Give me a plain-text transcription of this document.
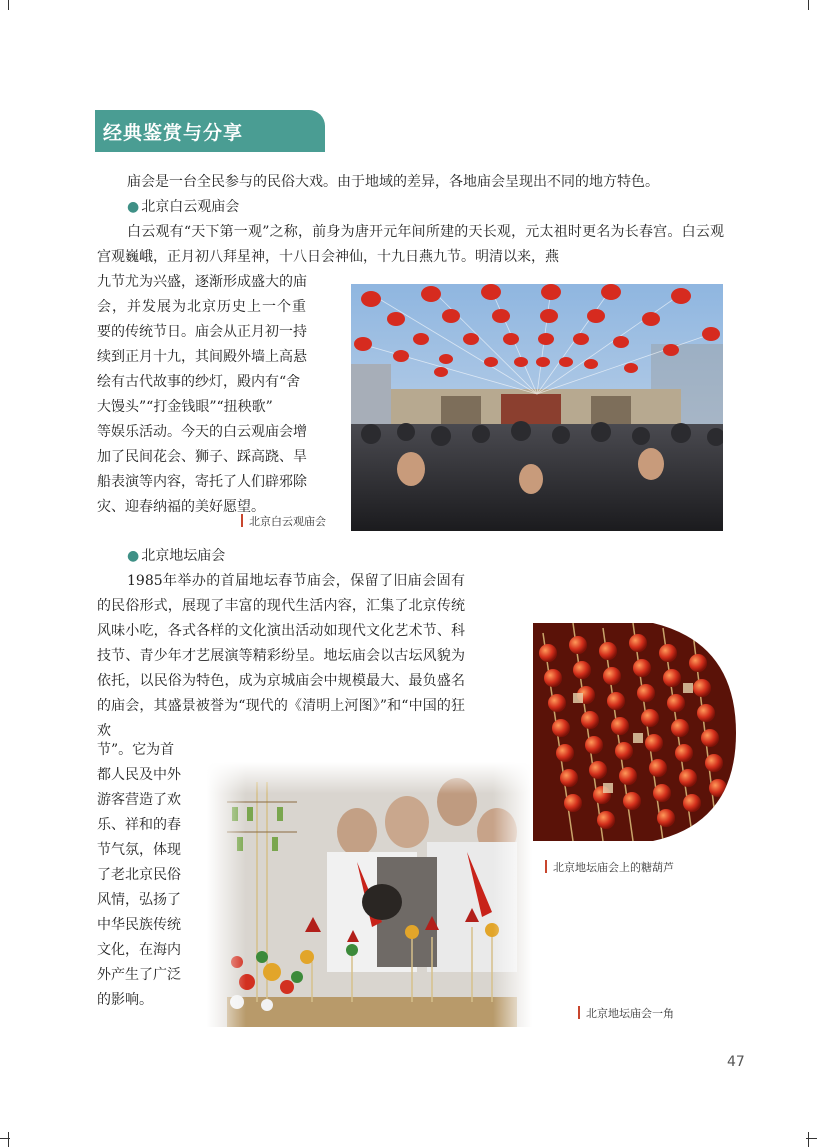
经典鉴赏与分享
庙会是一台全民参与的民俗大戏。由于地域的差异，各地庙会呈现出不同的地方特色。
● 北京白云观庙会
白云观有“天下第一观”之称，前身为唐开元年间所建的天长观，元太祖时更名为长春宫。白云观宫观巍峨，正月初八拜星神，十八日会神仙，十九日燕九节。明清以来，燕
九节尤为兴盛，逐渐形成盛大的庙
会，并发展为北京历史上一个重
要的传统节日。庙会从正月初一持
续到正月十九，其间殿外墙上高悬
绘有古代故事的纱灯，殿内有“舍
大馒头”“打金钱眼”“扭秧歌”
等娱乐活动。今天的白云观庙会增
加了民间花会、狮子、踩高跷、旱
船表演等内容，寄托了人们辟邪除
灾、迎春纳福的美好愿望。
北京白云观庙会
● 北京地坛庙会
1985年举办的首届地坛春节庙会，保留了旧庙会固有的民俗形式，展现了丰富的现代生活内容，汇集了北京传统风味小吃，各式各样的文化演出活动如现代文化艺术节、科技节、青少年才艺展演等精彩纷呈。地坛庙会以古坛风貌为依托，以民俗为特色，成为京城庙会中规模最大、最负盛名的庙会，其盛景被誉为“现代的《清明上河图》”和“中国的狂欢
节”。它为首
都人民及中外
游客营造了欢
乐、祥和的春
节气氛，体现
了老北京民俗
风情，弘扬了
中华民族传统
文化，在海内
外产生了广泛
的影响。
北京地坛庙会上的糖葫芦
北京地坛庙会一角
47
